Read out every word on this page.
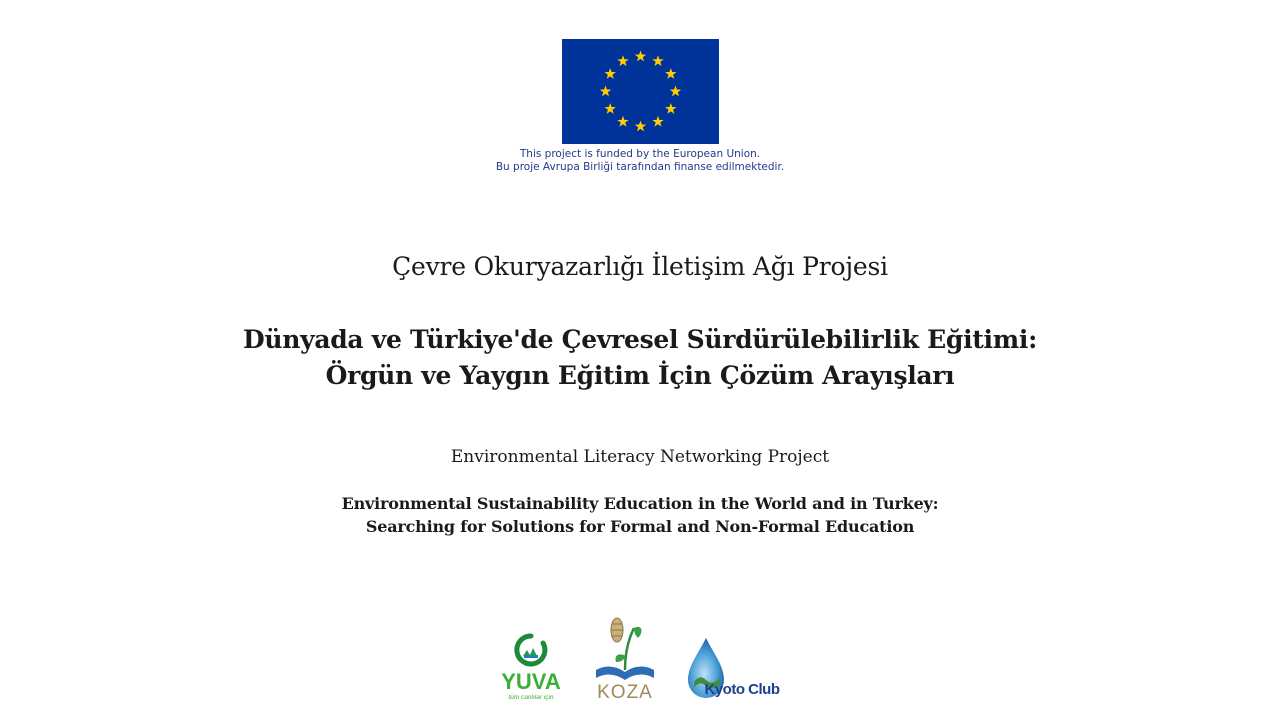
This project is funded by the European Union.
Bu proje Avrupa Birliği tarafından finanse edilmektedir.
Çevre Okuryazarlığı İletişim Ağı Projesi
Dünyada ve Türkiye'de Çevresel Sürdürülebilirlik Eğitimi:
Örgün ve Yaygın Eğitim İçin Çözüm Arayışları

Environmental Literacy Networking Project

Environmental Sustainability Education in the World and in Turkey:
Searching for Solutions for Formal and Non-Formal Education

YUVA
tüm canlılar için KOZA	Kyoto Club
